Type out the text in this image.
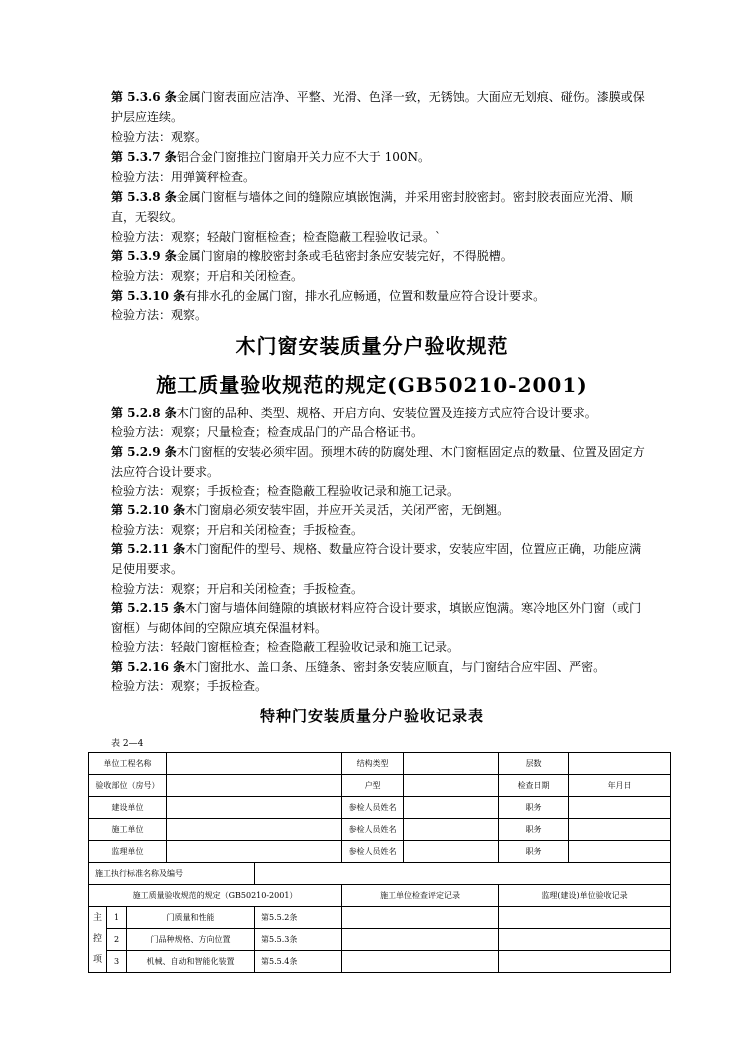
第 5.3.6 条金属门窗表面应洁净、平整、光滑、色泽一致，无锈蚀。大面应无划痕、碰伤。漆膜或保护层应连续。
检验方法：观察。
第 5.3.7 条铝合金门窗推拉门窗扇开关力应不大于 100N。
检验方法：用弹簧秤检查。
第 5.3.8 条金属门窗框与墙体之间的缝隙应填嵌饱满，并采用密封胶密封。密封胶表面应光滑、顺直，无裂纹。
检验方法：观察；轻敲门窗框检查；检查隐蔽工程验收记录。`
第 5.3.9 条金属门窗扇的橡胶密封条或毛毡密封条应安装完好，不得脱槽。
检验方法：观察；开启和关闭检查。
第 5.3.10 条有排水孔的金属门窗，排水孔应畅通，位置和数量应符合设计要求。
检验方法：观察。
木门窗安装质量分户验收规范
施工质量验收规范的规定(GB50210-2001)
第 5.2.8 条木门窗的品种、类型、规格、开启方向、安装位置及连接方式应符合设计要求。
检验方法：观察；尺量检查；检查成品门的产品合格证书。
第 5.2.9 条木门窗框的安装必须牢固。预埋木砖的防腐处理、木门窗框固定点的数量、位置及固定方法应符合设计要求。
检验方法：观察；手扳检查；检查隐蔽工程验收记录和施工记录。
第 5.2.10 条木门窗扇必须安装牢固，并应开关灵活，关闭严密，无倒翘。
检验方法：观察；开启和关闭检查；手扳检查。
第 5.2.11 条木门窗配件的型号、规格、数量应符合设计要求，安装应牢固，位置应正确，功能应满足使用要求。
检验方法：观察；开启和关闭检查；手扳检查。
第 5.2.15 条木门窗与墙体间缝隙的填嵌材料应符合设计要求，填嵌应饱满。寒冷地区外门窗（或门窗框）与砌体间的空隙应填充保温材料。
检验方法：轻敲门窗框检查；检查隐蔽工程验收记录和施工记录。
第 5.2.16 条木门窗批水、盖口条、压缝条、密封条安装应顺直，与门窗结合应牢固、严密。
检验方法：观察；手扳检查。
特种门安装质量分户验收记录表
表 2—4
单位工程名称					结构类型		层数	
验收部位（房号）					户型		检查日期	年月日
建设单位					参检人员姓名		职务	
施工单位					参检人员姓名		职务	
监理单位					参检人员姓名		职务	
施工执行标准名称及编号								
施工质量验收规范的规定（GB50210-2001）					施工单位检查评定记录		监理(建设)单位验收记录	

主
控
项	1	门质量和性能		第5.5.2条				
	2	门品种规格、方向位置		第5.5.3条				
	3	机械、自动和智能化装置		第5.5.4条				
